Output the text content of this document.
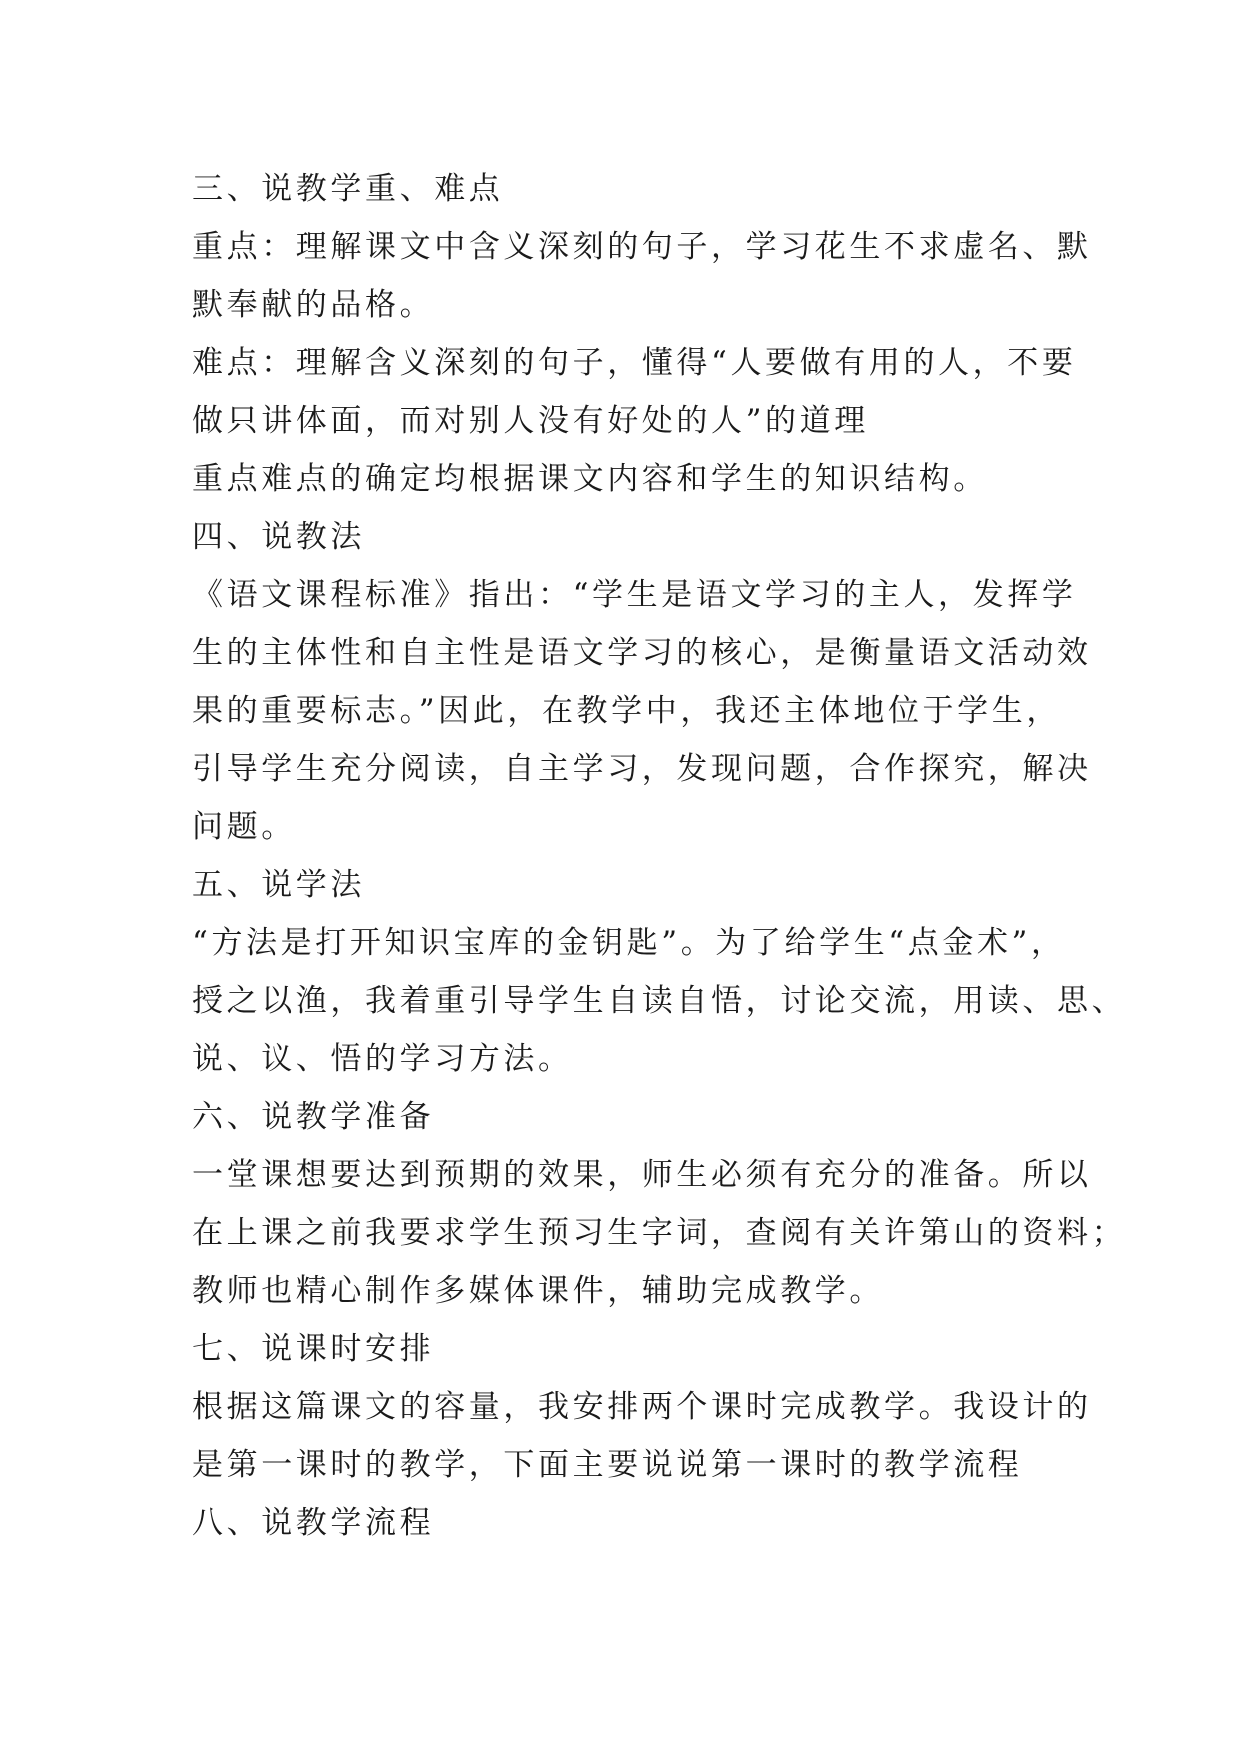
三、说教学重、难点
重点：理解课文中含义深刻的句子，学习花生不求虚名、默
默奉献的品格。
难点：理解含义深刻的句子，懂得“人要做有用的人，不要
做只讲体面，而对别人没有好处的人”的道理
重点难点的确定均根据课文内容和学生的知识结构。
四、说教法
《语文课程标准》指出：“学生是语文学习的主人，发挥学
生的主体性和自主性是语文学习的核心，是衡量语文活动效
果的重要标志。”因此，在教学中，我还主体地位于学生，
引导学生充分阅读，自主学习，发现问题，合作探究，解决
问题。
五、说学法
“方法是打开知识宝库的金钥匙”。为了给学生“点金术”，
授之以渔，我着重引导学生自读自悟，讨论交流，用读、思、
说、议、悟的学习方法。
六、说教学准备
一堂课想要达到预期的效果，师生必须有充分的准备。所以
在上课之前我要求学生预习生字词，查阅有关许第山的资料；
教师也精心制作多媒体课件，辅助完成教学。
七、说课时安排
根据这篇课文的容量，我安排两个课时完成教学。我设计的
是第一课时的教学，下面主要说说第一课时的教学流程
八、说教学流程
